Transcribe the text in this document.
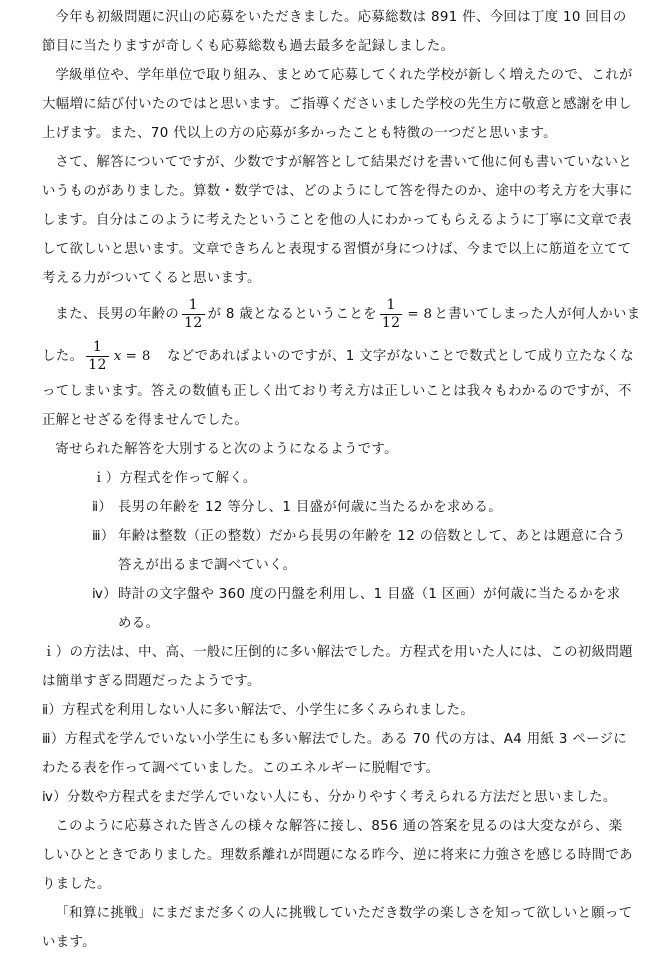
今年も初級問題に沢山の応募をいただきました。応募総数は 891 件、今回は丁度 10 回目の節目に当たりますが奇しくも応募総数も過去最多を記録しました。

学級単位や、学年単位で取り組み、まとめて応募してくれた学校が新しく増えたので、これが大幅増に結び付いたのではと思います。ご指導くださいました学校の先生方に敬意と感謝を申し上げます。また、70 代以上の方の応募が多かったことも特徴の一つだと思います。

さて、解答についてですが、少数ですが解答として結果だけを書いて他に何も書いていないというものがありました。算数・数学では、どのようにして答を得たのか、途中の考え方を大事にします。自分はこのように考えたということを他の人にわかってもらえるように丁寧に文章で表して欲しいと思います。文章できちんと表現する習慣が身につけば、今まで以上に筋道を立てて考える力がついてくると思います。

また、長男の年齢の $\frac{1}{12}$ が 8 歳となるということを $\frac{1}{12} = 8$ と書いてしまった人が何人かいま
した。 $\frac{1}{12}$ x = 8 などであればよいのですが、1 文字がないことで数式として成り立たなくな

ってしまいます。答えの数値も正しく出ており考え方は正しいことは我々もわかるのですが、不正解とせざるを得ませんでした。

寄せられた解答を大別すると次のようになるようです。

ｉ） 方程式を作って解く。
ⅱ） 長男の年齢を 12 等分し、1 目盛が何歳に当たるかを求める。
ⅲ） 年齢は整数（正の整数）だから長男の年齢を 12 の倍数として、あとは題意に合う答えが出るまで調べていく。
ⅳ） 時計の文字盤や 360 度の円盤を利用し、1 目盛（1 区画）が何歳に当たるかを求める。

ｉ）の方法は、中、高、一般に圧倒的に多い解法でした。方程式を用いた人には、この初級問題は簡単すぎる問題だったようです。

ⅱ）方程式を利用しない人に多い解法で、小学生に多くみられました。

ⅲ）方程式を学んでいない小学生にも多い解法でした。ある 70 代の方は、A4 用紙 3 ページにわたる表を作って調べていました。このエネルギーに脱帽です。

ⅳ）分数や方程式をまだ学んでいない人にも、分かりやすく考えられる方法だと思いました。

このように応募された皆さんの様々な解答に接し、856 通の答案を見るのは大変ながら、楽しいひとときでありました。理数系離れが問題になる昨今、逆に将来に力強さを感じる時間でありました。

「和算に挑戦」にまだまだ多くの人に挑戦していただき数学の楽しさを知って欲しいと願っています。
